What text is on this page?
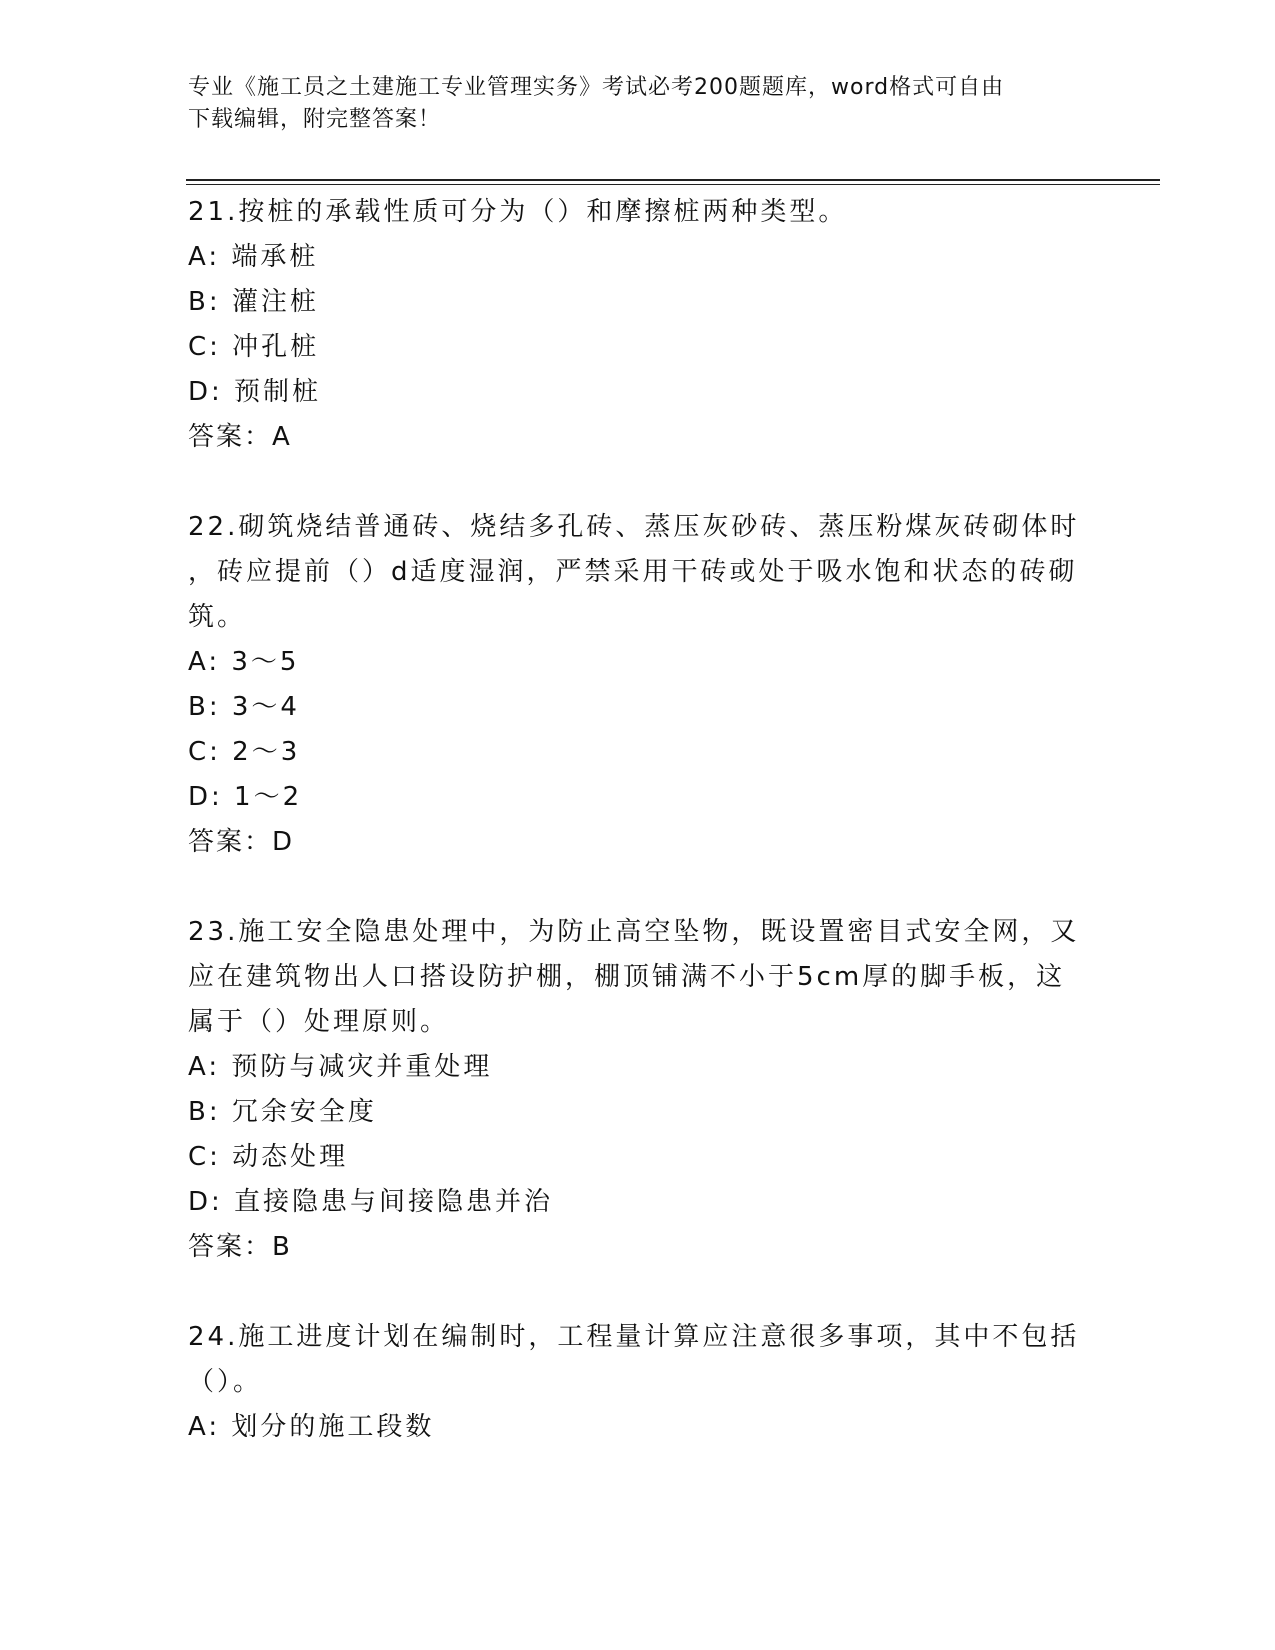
专业《施工员之土建施工专业管理实务》考试必考200题题库，word格式可自由
下载编辑，附完整答案！
21.按桩的承载性质可分为（）和摩擦桩两种类型。
A: 端承桩
B: 灌注桩
C: 冲孔桩
D: 预制桩
答案：A
22.砌筑烧结普通砖、烧结多孔砖、蒸压灰砂砖、蒸压粉煤灰砖砌体时
，砖应提前（）d适度湿润，严禁采用干砖或处于吸水饱和状态的砖砌
筑。
A: 3～5
B: 3～4
C: 2～3
D: 1～2
答案：D
23.施工安全隐患处理中，为防止高空坠物，既设置密目式安全网，又
应在建筑物出人口搭设防护棚，棚顶铺满不小于5cm厚的脚手板，这
属于（）处理原则。
A: 预防与减灾并重处理
B: 冗余安全度
C: 动态处理
D: 直接隐患与间接隐患并治
答案：B
24.施工进度计划在编制时，工程量计算应注意很多事项，其中不包括
（）。
A: 划分的施工段数
